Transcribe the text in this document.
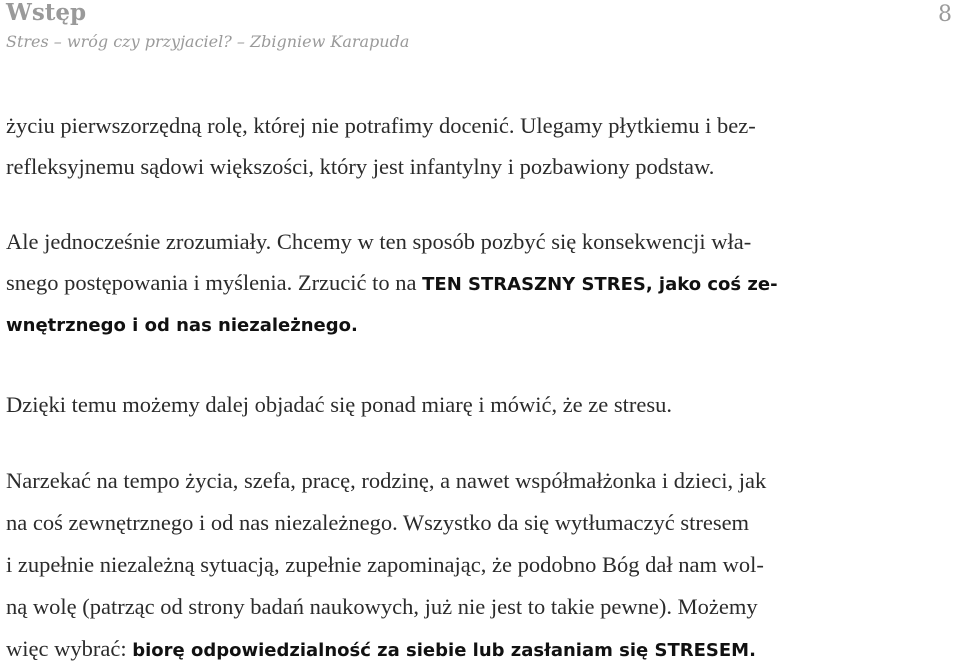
Wstęp

Stres – wróg czy przyjaciel? – Zbigniew Karapuda

8

życiu pierwszorzędną rolę, której nie potrafimy docenić. Ulegamy płytkiemu i bez-

refleksyjnemu sądowi większości, który jest infantylny i pozbawiony podstaw.

Ale jednocześnie zrozumiały. Chcemy w ten sposób pozbyć się konsekwencji wła-

snego postępowania i myślenia. Zrzucić to na TEN STRASZNY STRES, jako coś ze-

wnętrznego i od nas niezależnego.

Dzięki temu możemy dalej objadać się ponad miarę i mówić, że ze stresu.

Narzekać na tempo życia, szefa, pracę, rodzinę, a nawet współmałżonka i dzieci, jak

na coś zewnętrznego i od nas niezależnego. Wszystko da się wytłumaczyć stresem

i zupełnie niezależną sytuacją, zupełnie zapominając, że podobno Bóg dał nam wol-

ną wolę (patrząc od strony badań naukowych, już nie jest to takie pewne). Możemy

więc wybrać: biorę odpowiedzialność za siebie lub zasłaniam się STRESEM.
